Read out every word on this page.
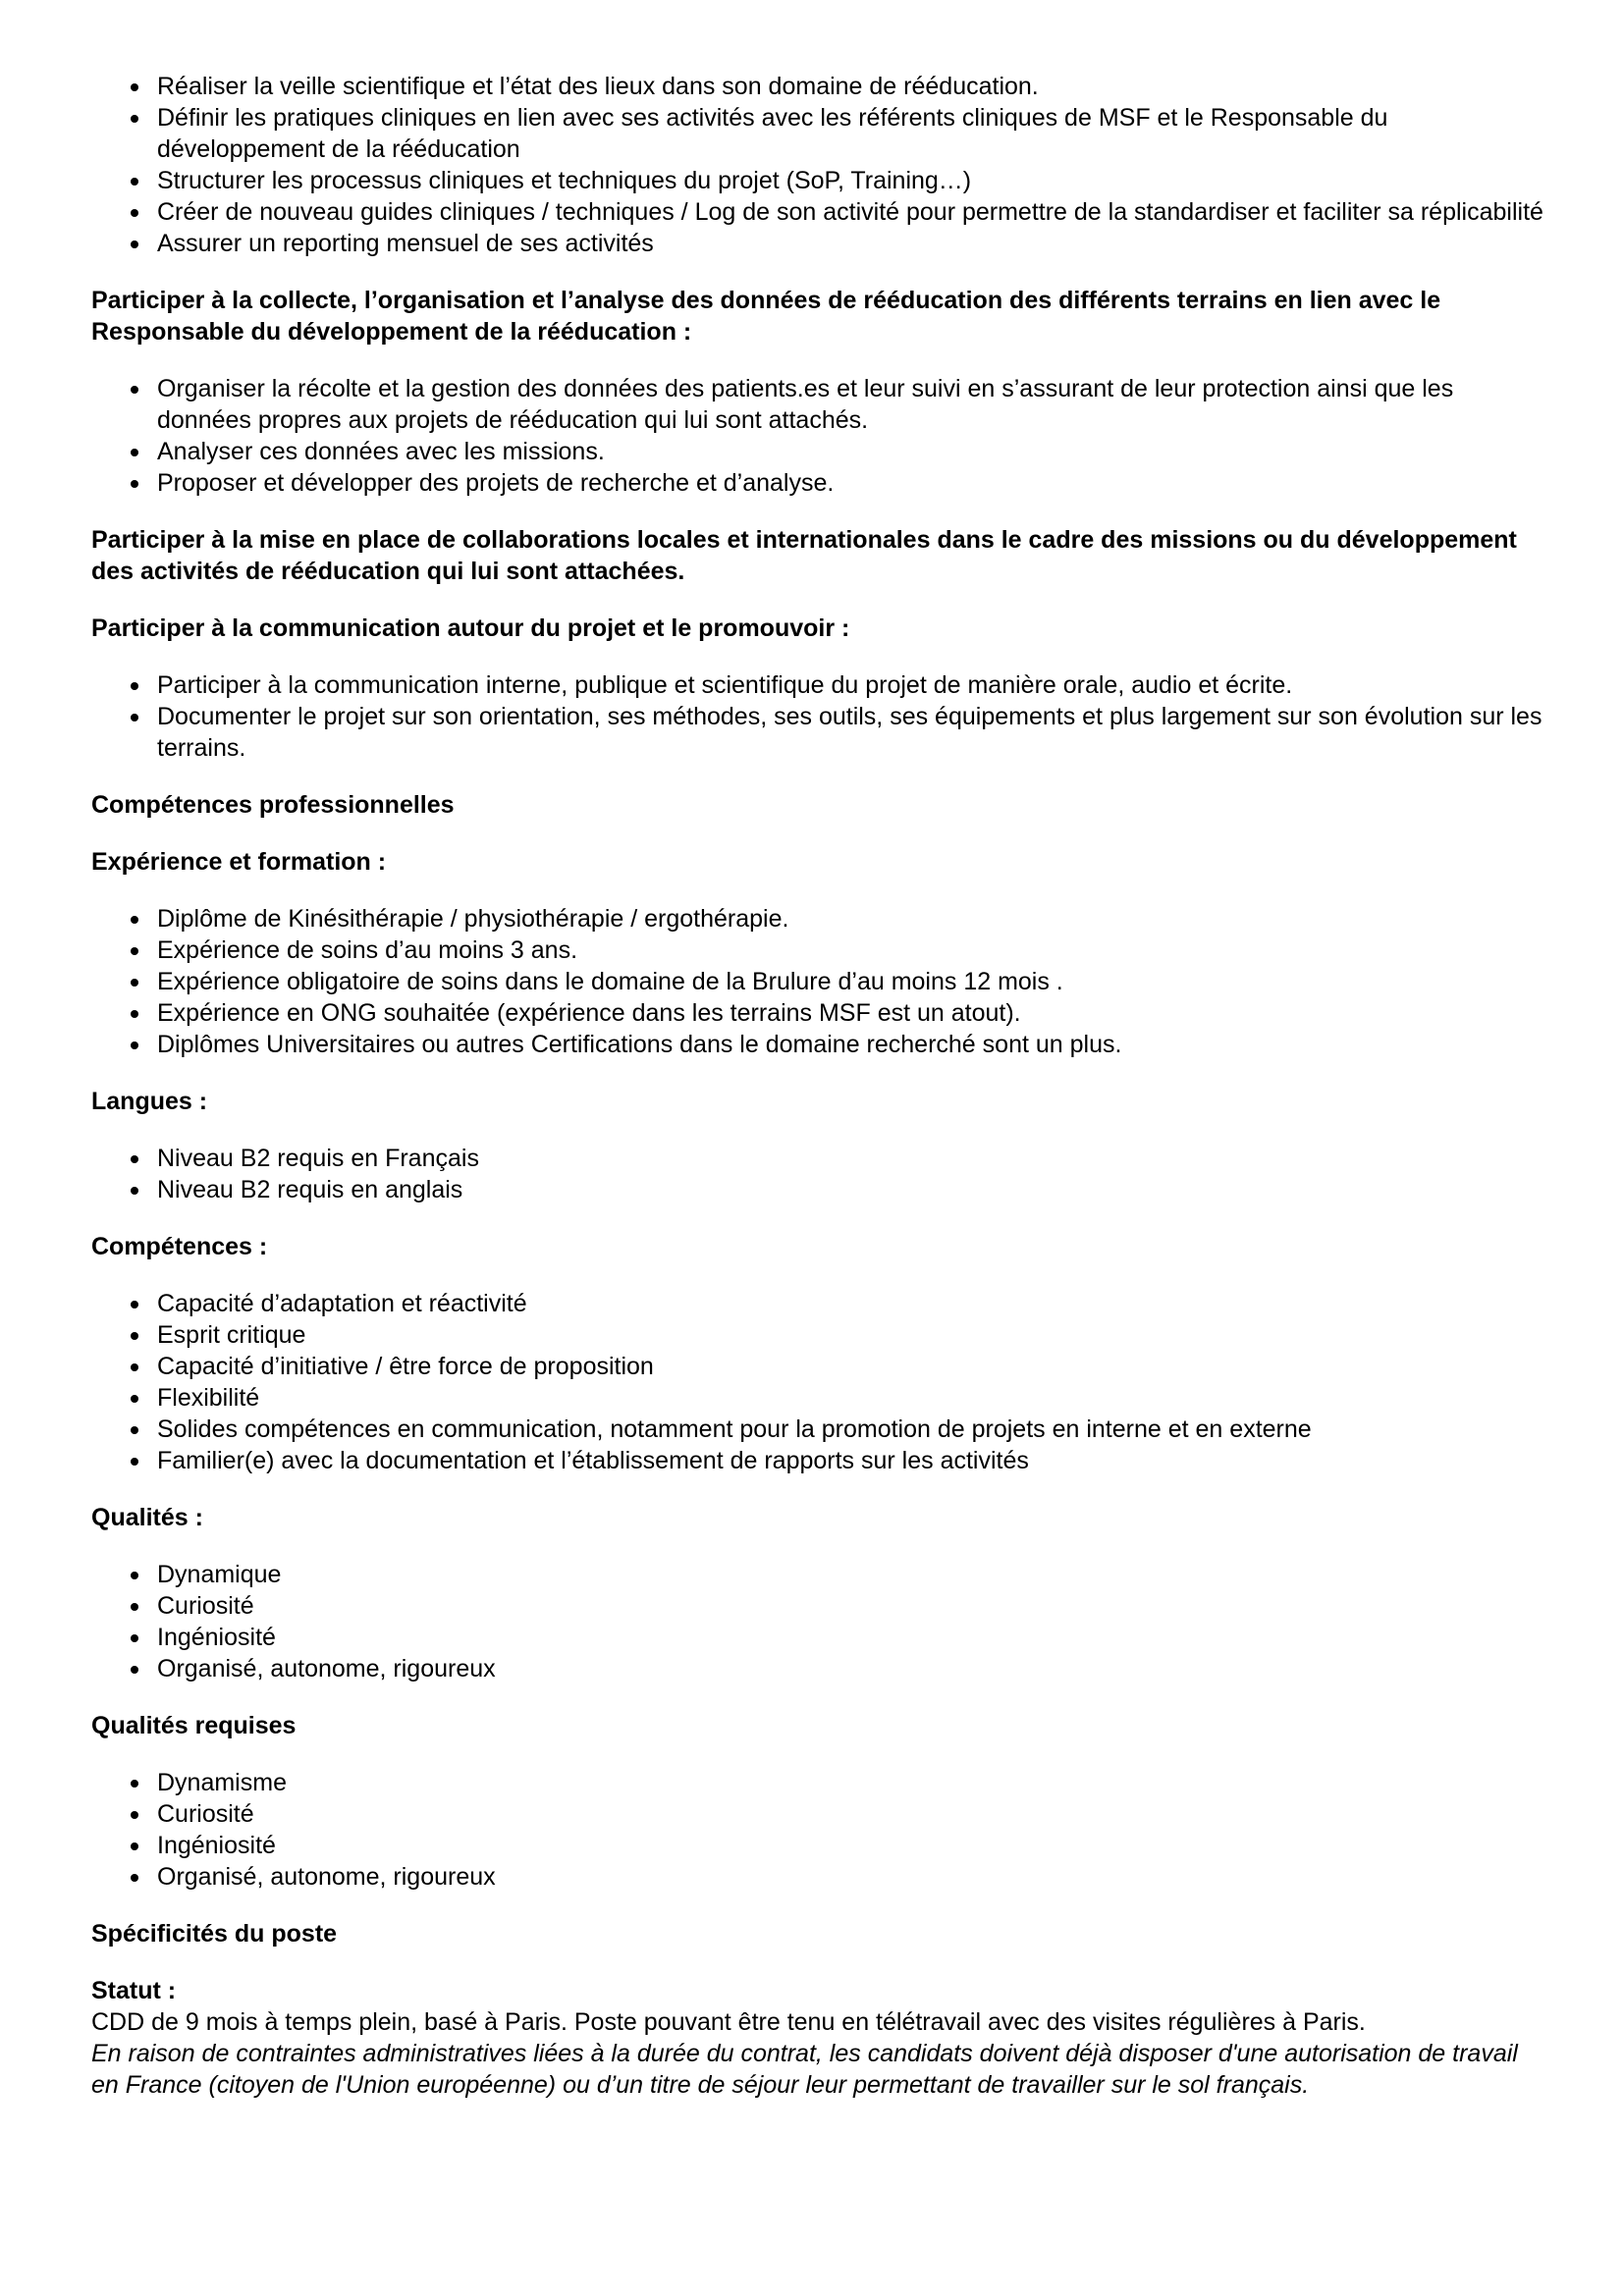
Réaliser la veille scientifique et l’état des lieux dans son domaine de rééducation.
Définir les pratiques cliniques en lien avec ses activités avec les référents cliniques de MSF et le Responsable du développement de la rééducation
Structurer les processus cliniques et techniques du projet (SoP, Training…)
Créer de nouveau guides cliniques / techniques / Log de son activité pour permettre de la standardiser et faciliter sa réplicabilité
Assurer un reporting mensuel de ses activités
Participer à la collecte, l’organisation et l’analyse des données de rééducation des différents terrains en lien avec le Responsable du développement de la rééducation :
Organiser la récolte et la gestion des données des patients.es et leur suivi en s’assurant de leur protection ainsi que les données propres aux projets de rééducation qui lui sont attachés.
Analyser ces données avec les missions.
Proposer et développer des projets de recherche et d’analyse.
Participer à la mise en place de collaborations locales et internationales dans le cadre des missions ou du développement des activités de rééducation qui lui sont attachées.
Participer à la communication autour du projet et le promouvoir :
Participer à la communication interne, publique et scientifique du projet de manière orale, audio et écrite.
Documenter le projet sur son orientation, ses méthodes, ses outils, ses équipements et plus largement sur son évolution sur les terrains.
Compétences professionnelles
Expérience et formation :
Diplôme de Kinésithérapie / physiothérapie / ergothérapie.
Expérience de soins d’au moins 3 ans.
Expérience obligatoire de soins dans le domaine de la Brulure d’au moins 12 mois .
Expérience en ONG souhaitée (expérience dans les terrains MSF est un atout).
Diplômes Universitaires ou autres Certifications dans le domaine recherché sont un plus.
Langues :
Niveau B2 requis en Français
Niveau B2 requis en anglais
Compétences :
Capacité d’adaptation et réactivité
Esprit critique
Capacité d’initiative / être force de proposition
Flexibilité
Solides compétences en communication, notamment pour la promotion de projets en interne et en externe
Familier(e) avec la documentation et l’établissement de rapports sur les activités
Qualités :
Dynamique
Curiosité
Ingéniosité
Organisé, autonome, rigoureux
Qualités requises
Dynamisme
Curiosité
Ingéniosité
Organisé, autonome, rigoureux
Spécificités du poste
Statut :

CDD de 9 mois à temps plein, basé à Paris. Poste pouvant être tenu en télétravail avec des visites régulières à Paris.

En raison de contraintes administratives liées à la durée du contrat, les candidats doivent déjà disposer d'une autorisation de travail en France (citoyen de l'Union européenne) ou d’un titre de séjour leur permettant de travailler sur le sol français.
